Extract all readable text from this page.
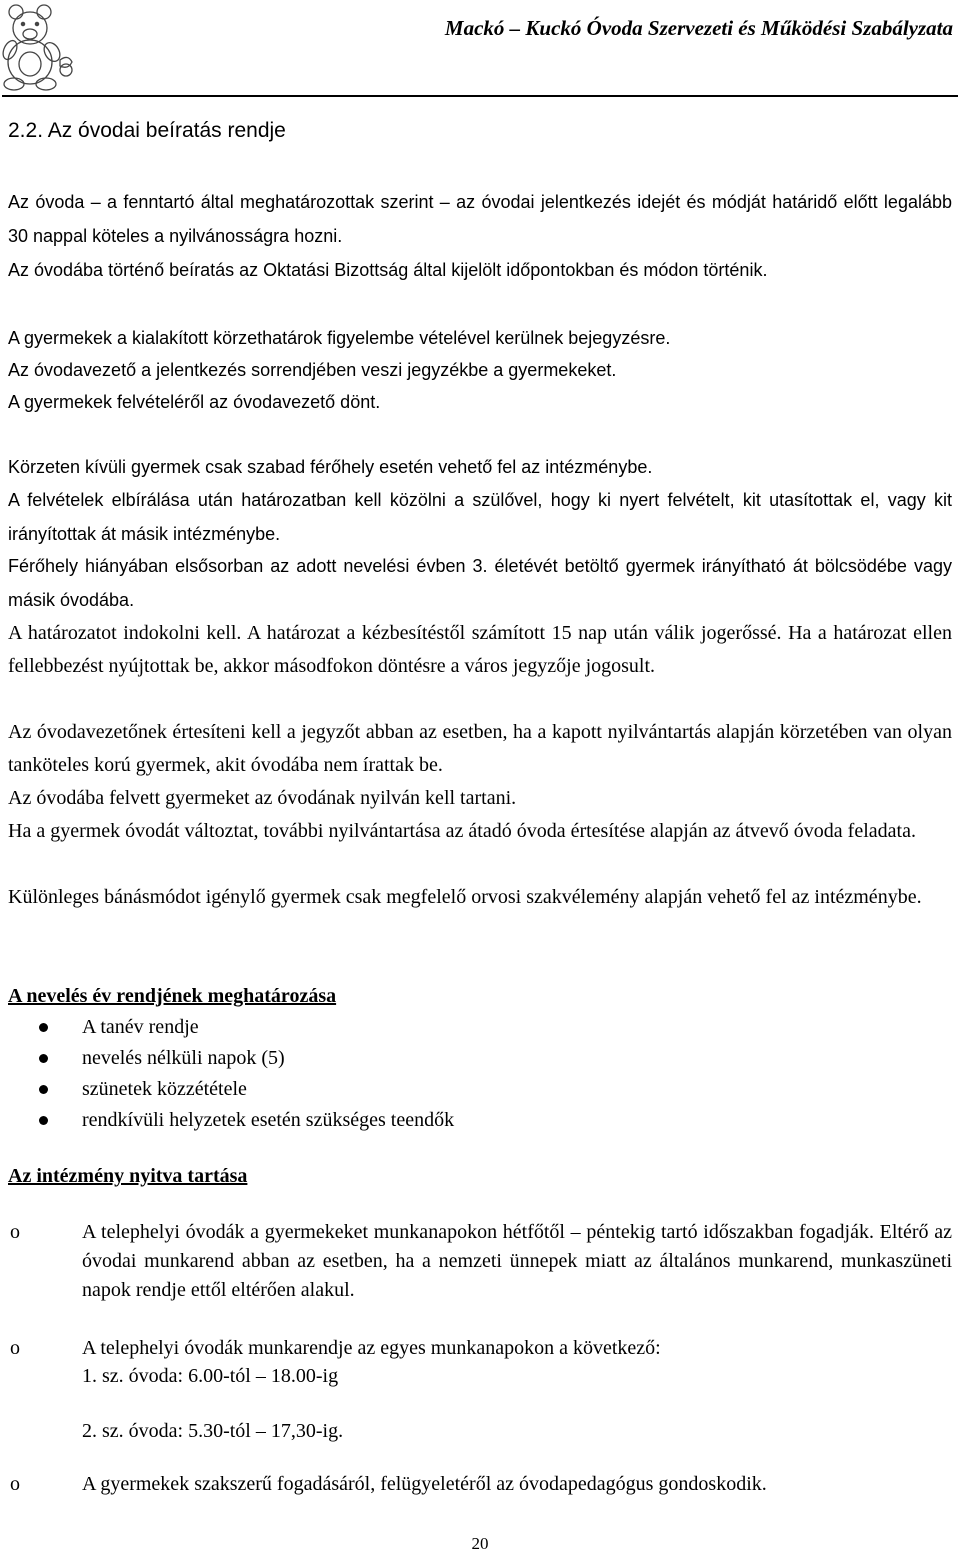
Mackó – Kuckó Óvoda Szervezeti és Működési Szabályzata
2.2. Az óvodai beíratás rendje
Az óvoda – a fenntartó által meghatározottak szerint – az óvodai jelentkezés idejét és módját határidő előtt legalább 30 nappal köteles a nyilvánosságra hozni.
Az óvodába történő beíratás az Oktatási Bizottság által kijelölt időpontokban és módon történik.
A gyermekek a kialakított körzethatárok figyelembe vételével kerülnek bejegyzésre.
Az óvodavezető a jelentkezés sorrendjében veszi jegyzékbe a gyermekeket.
A gyermekek felvételéről az óvodavezető dönt.
Körzeten kívüli gyermek csak szabad férőhely esetén vehető fel az intézménybe.
A felvételek elbírálása után határozatban kell közölni a szülővel, hogy ki nyert felvételt, kit utasítottak el, vagy kit irányítottak át másik intézménybe.
Férőhely hiányában elsősorban az adott nevelési évben 3. életévét betöltő gyermek irányítható át bölcsödébe vagy másik óvodába.
A határozatot indokolni kell. A határozat a kézbesítéstől számított 15 nap után válik jogerőssé. Ha a határozat ellen fellebbezést nyújtottak be, akkor másodfokon döntésre a város jegyzője jogosult.
Az óvodavezetőnek értesíteni kell a jegyzőt abban az esetben, ha a kapott nyilvántartás alapján körzetében van olyan tanköteles korú gyermek, akit óvodába nem írattak be.
Az óvodába felvett gyermeket az óvodának nyilván kell tartani.
Ha a gyermek óvodát változtat, további nyilvántartása az átadó óvoda értesítése alapján az átvevő óvoda feladata.
Különleges bánásmódot igénylő gyermek csak megfelelő orvosi szakvélemény alapján vehető fel az intézménybe.
A nevelés év rendjének meghatározása
A tanév rendje
nevelés nélküli napok (5)
szünetek közzététele
rendkívüli helyzetek esetén szükséges teendők
Az intézmény nyitva tartása
o	A telephelyi óvodák a gyermekeket munkanapokon hétfőtől – péntekig tartó időszakban fogadják. Eltérő az óvodai munkarend abban az esetben, ha a nemzeti ünnepek miatt az általános munkarend, munkaszüneti napok rendje ettől eltérően alakul.
o	A telephelyi óvodák munkarendje az egyes munkanapokon a következő:
1. sz. óvoda: 6.00-tól – 18.00-ig
2. sz. óvoda: 5.30-tól – 17,30-ig.
o	A gyermekek szakszerű fogadásáról, felügyeletéről az óvodapedagógus gondoskodik.
20
